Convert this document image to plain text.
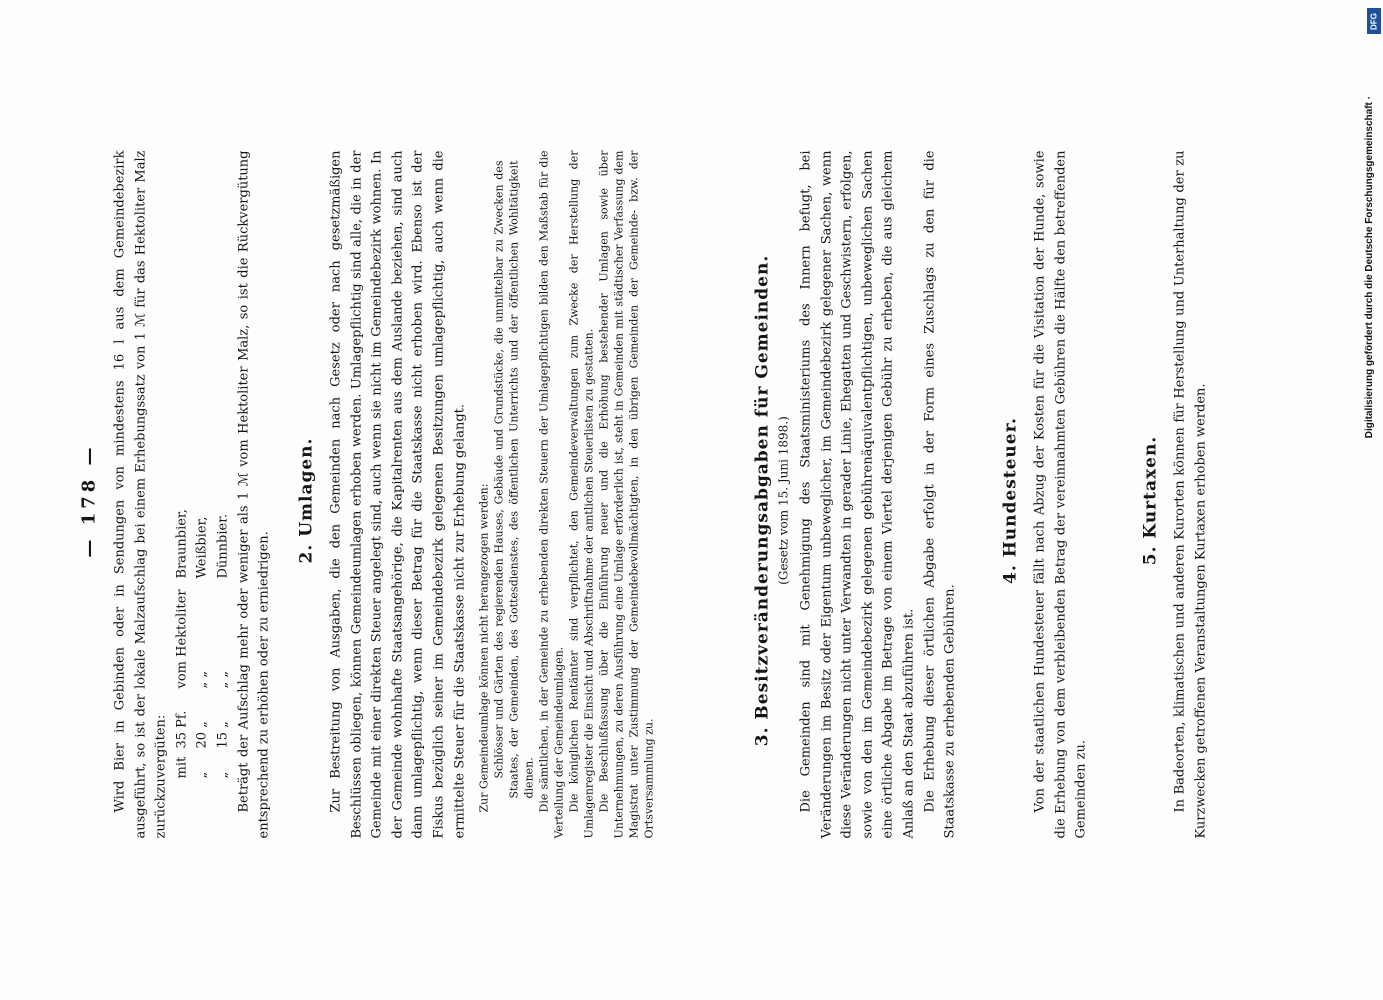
— 178 — Wird Bier in Gebinden oder in Sendungen von mindestens 16 l aus dem Gemeindebezirk ausgeführt, so ist der lokale Malzaufschlag bei einem Erhebungssatz von 1 ℳ für das Hektoliter Malz zurückzuvergüten: mit
35 Pf.
vom Hektoliter
Braunbier,
„
20 „
„ „
Weißbier,
„
15 „
„ „
Dünnbier. Beträgt der Aufschlag mehr oder weniger als 1 ℳ vom Hektoliter Malz, so ist die Rückvergütung entsprechend zu erhöhen oder zu erniedrigen.

2. Umlagen. Zur Bestreitung von Ausgaben, die den Gemeinden nach Gesetz oder nach gesetzmäßigen Beschlüssen obliegen, können Gemeindeumlagen erhoben werden. Umlagepflichtig sind alle, die in der Gemeinde mit einer direkten Steuer angelegt sind, auch wenn sie nicht im Gemeindebezirk wohnen. In der Gemeinde wohnhafte Staatsangehörige, die Kapitalrenten aus dem Auslande beziehen, sind auch dann umlagepflichtig, wenn dieser Betrag für die Staatskasse nicht erhoben wird. Ebenso ist der Fiskus bezüglich seiner im Gemeindebezirk gelegenen Besitzungen umlagepflichtig, auch wenn die ermittelte Steuer für die Staatskasse nicht zur Erhebung gelangt. Zur Gemeindeumlage können nicht herangezogen werden: Schlösser und Gärten des regierenden Hauses, Gebäude und Grundstücke, die unmittelbar zu Zwecken des Staates, der Gemeinden, des Gottesdienstes, des öffentlichen Unterrichts und der öffentlichen Wohltätigkeit dienen. Die sämtlichen, in der Gemeinde zu erhebenden direkten Steuern der Umlagepflichtigen bilden den Maßstab für die Verteilung der Gemeindeumlagen. Die königlichen Rentämter sind verpflichtet, den Gemeindeverwaltungen zum Zwecke der Herstellung der Umlagenregister die Einsicht und Abschriftnahme der amtlichen Steuerlisten zu gestatten. Die Beschlußfassung über die Einführung neuer und die Erhöhung bestehender Umlagen sowie über Unternehmungen, zu deren Ausführung eine Umlage erforderlich ist, steht in Gemeinden mit städtischer Verfassung dem Magistrat unter Zustimmung der Gemeindebevollmächtigten, in den übrigen Gemeinden der Gemeinde- bzw. der Ortsversammlung zu.

3. Besitzveränderungsabgaben für Gemeinden. (Gesetz vom 15. Juni 1898.) Die Gemeinden sind mit Genehmigung des Staatsministeriums des Innern befugt, bei Veränderungen im Besitz oder Eigentum unbeweglicher, im Gemeindebezirk gelegener Sachen, wenn diese Veränderungen nicht unter Verwandten in gerader Linie, Ehegatten und Geschwistern, erfolgen, sowie von den im Gemeindebezirk gelegenen gebührenäquivalentpflichtigen, unbeweglichen Sachen eine örtliche Abgabe im Betrage von einem Viertel derjenigen Gebühr zu erheben, die aus gleichem Anlaß an den Staat abzuführen ist. Die Erhebung dieser örtlichen Abgabe erfolgt in der Form eines Zuschlags zu den für die Staatskasse zu erhebenden Gebühren.

4. Hundesteuer. Von der staatlichen Hundesteuer fällt nach Abzug der Kosten für die Visitation der Hunde, sowie die Erhebung von dem verbleibenden Betrag der vereinnahmten Gebühren die Hälfte den betreffenden Gemeinden zu.

5. Kurtaxen. In Badeorten, klimatischen und anderen Kurorten können für Herstellung und Unterhaltung der zu Kurzwecken getroffenen Veranstaltungen Kurtaxen erhoben werden.

DFG
Digitalisierung gefördert durch die Deutsche Forschungsgemeinschaft ·
